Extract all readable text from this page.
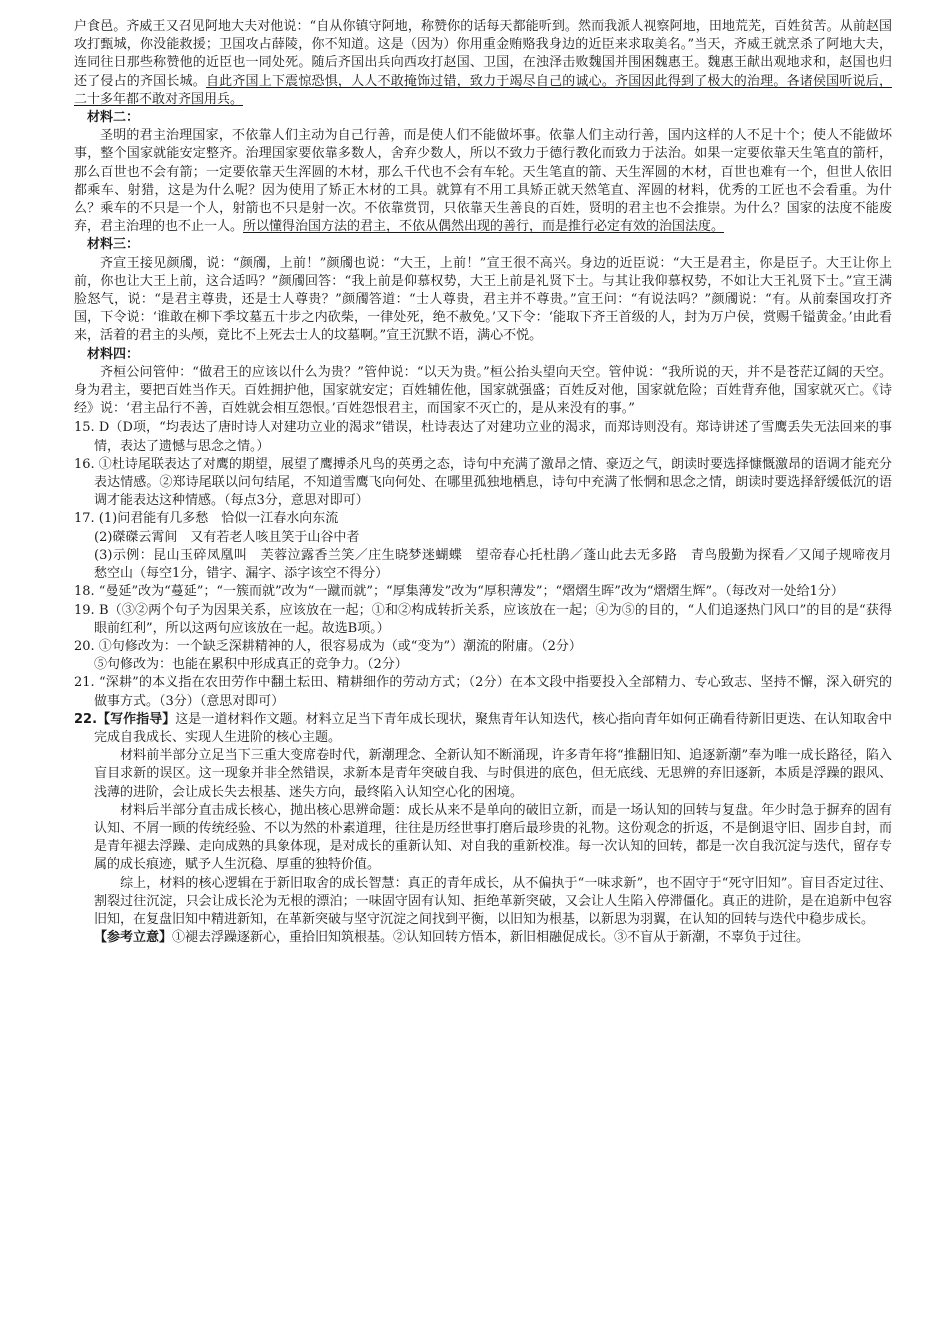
户食邑。齐威王又召见阿地大夫对他说：“自从你镇守阿地，称赞你的话每天都能听到。然而我派人视察阿地，田地荒芜，百姓贫苦。从前赵国攻打甄城，你没能救援；卫国攻占薛陵，你不知道。这是（因为）你用重金贿赂我身边的近臣来求取美名。”当天，齐威王就烹杀了阿地大夫，连同往日那些称赞他的近臣也一同处死。随后齐国出兵向西攻打赵国、卫国，在浊泽击败魏国并围困魏惠王。魏惠王献出观地求和，赵国也归还了侵占的齐国长城。自此齐国上下震惊恐惧，人人不敢掩饰过错，致力于竭尽自己的诚心。齐国因此得到了极大的治理。各诸侯国听说后，二十多年都不敢对齐国用兵。

材料二：

圣明的君主治理国家，不依靠人们主动为自己行善，而是使人们不能做坏事。依靠人们主动行善，国内这样的人不足十个；使人不能做坏事，整个国家就能安定整齐。治理国家要依靠多数人，舍弃少数人，所以不致力于德行教化而致力于法治。如果一定要依靠天生笔直的箭杆，那么百世也不会有箭；一定要依靠天生浑圆的木材，那么千代也不会有车轮。天生笔直的箭、天生浑圆的木材，百世也难有一个，但世人依旧都乘车、射猎，这是为什么呢？因为使用了矫正木材的工具。就算有不用工具矫正就天然笔直、浑圆的材料，优秀的工匠也不会看重。为什么？乘车的不只是一个人，射箭也不只是射一次。不依靠赏罚，只依靠天生善良的百姓，贤明的君主也不会推崇。为什么？国家的法度不能废弃，君主治理的也不止一人。所以懂得治国方法的君主，不依从偶然出现的善行，而是推行必定有效的治国法度。

材料三：

齐宣王接见颜斶，说：“颜斶，上前！”颜斶也说：“大王，上前！”宣王很不高兴。身边的近臣说：“大王是君主，你是臣子。大王让你上前，你也让大王上前，这合适吗？”颜斶回答：“我上前是仰慕权势，大王上前是礼贤下士。与其让我仰慕权势，不如让大王礼贤下士。”宣王满脸怒气，说：“是君主尊贵，还是士人尊贵？”颜斶答道：“士人尊贵，君主并不尊贵。”宣王问：“有说法吗？”颜斶说：“有。从前秦国攻打齐国，下令说：‘谁敢在柳下季坟墓五十步之内砍柴，一律处死，绝不赦免。’又下令：‘能取下齐王首级的人，封为万户侯，赏赐千镒黄金。’由此看来，活着的君主的头颅，竟比不上死去士人的坟墓啊。”宣王沉默不语，满心不悦。

材料四：

齐桓公问管仲：“做君王的应该以什么为贵？”管仲说：“以天为贵。”桓公抬头望向天空。管仲说：“我所说的天，并不是苍茫辽阔的天空。身为君主，要把百姓当作天。百姓拥护他，国家就安定；百姓辅佐他，国家就强盛；百姓反对他，国家就危险；百姓背弃他，国家就灭亡。《诗经》说：‘君主品行不善，百姓就会相互怨恨。’百姓怨恨君主，而国家不灭亡的，是从来没有的事。”

15. D（D项，“均表达了唐时诗人对建功立业的渴求”错误，杜诗表达了对建功立业的渴求，而郑诗则没有。郑诗讲述了雪鹰丢失无法回来的事情，表达了遗憾与思念之情。）

16. ①杜诗尾联表达了对鹰的期望，展望了鹰搏杀凡鸟的英勇之态，诗句中充满了激昂之情、豪迈之气，朗读时要选择慷慨激昂的语调才能充分表达情感。②郑诗尾联以问句结尾，不知道雪鹰飞向何处、在哪里孤独地栖息，诗句中充满了怅惘和思念之情，朗读时要选择舒缓低沉的语调才能表达这种情感。（每点3分，意思对即可）

17. (1)问君能有几多愁　恰似一江春水向东流

(2)磔磔云霄间　又有若老人咳且笑于山谷中者

(3)示例：昆山玉碎凤凰叫　芙蓉泣露香兰笑／庄生晓梦迷蝴蝶　望帝春心托杜鹃／蓬山此去无多路　青鸟殷勤为探看／又闻子规啼夜月　愁空山（每空1分，错字、漏字、添字该空不得分）

18. “曼延”改为“蔓延”；“一簇而就”改为“一蹴而就”；“厚集薄发”改为“厚积薄发”；“熠熠生晖”改为“熠熠生辉”。（每改对一处给1分）

19. B（③②两个句子为因果关系，应该放在一起；①和②构成转折关系，应该放在一起；④为⑤的目的，“人们追逐热门风口”的目的是“获得眼前红利”，所以这两句应该放在一起。故选B项。）

20. ①句修改为：一个缺乏深耕精神的人，很容易成为（或“变为”）潮流的附庸。（2分）

⑤句修改为：也能在累积中形成真正的竞争力。（2分）

21. “深耕”的本义指在农田劳作中翻土耘田、精耕细作的劳动方式；（2分）在本文段中指要投入全部精力、专心致志、坚持不懈，深入研究的做事方式。（3分）（意思对即可）

22.【写作指导】这是一道材料作文题。材料立足当下青年成长现状，聚焦青年认知迭代，核心指向青年如何正确看待新旧更迭、在认知取舍中完成自我成长、实现人生进阶的核心主题。

材料前半部分立足当下三重大变席卷时代，新潮理念、全新认知不断涌现，许多青年将“推翻旧知、追逐新潮”奉为唯一成长路径，陷入盲目求新的误区。这一现象并非全然错误，求新本是青年突破自我、与时俱进的底色，但无底线、无思辨的弃旧逐新，本质是浮躁的跟风、浅薄的进阶，会让成长失去根基、迷失方向，最终陷入认知空心化的困境。

材料后半部分直击成长核心，抛出核心思辨命题：成长从来不是单向的破旧立新，而是一场认知的回转与复盘。年少时急于摒弃的固有认知、不屑一顾的传统经验、不以为然的朴素道理，往往是历经世事打磨后最珍贵的礼物。这份观念的折返，不是倒退守旧、固步自封，而是青年褪去浮躁、走向成熟的具象体现，是对成长的重新认知、对自我的重新校准。每一次认知的回转，都是一次自我沉淀与迭代，留存专属的成长痕迹，赋予人生沉稳、厚重的独特价值。

综上，材料的核心逻辑在于新旧取舍的成长智慧：真正的青年成长，从不偏执于“一味求新”，也不固守于“死守旧知”。盲目否定过往、割裂过往沉淀，只会让成长沦为无根的漂泊；一味固守固有认知、拒绝革新突破，又会让人生陷入停滞僵化。真正的进阶，是在追新中包容旧知，在复盘旧知中精进新知，在革新突破与坚守沉淀之间找到平衡，以旧知为根基，以新思为羽翼，在认知的回转与迭代中稳步成长。

【参考立意】①褪去浮躁逐新心，重拾旧知筑根基。②认知回转方悟本，新旧相融促成长。③不盲从于新潮，不辜负于过往。
